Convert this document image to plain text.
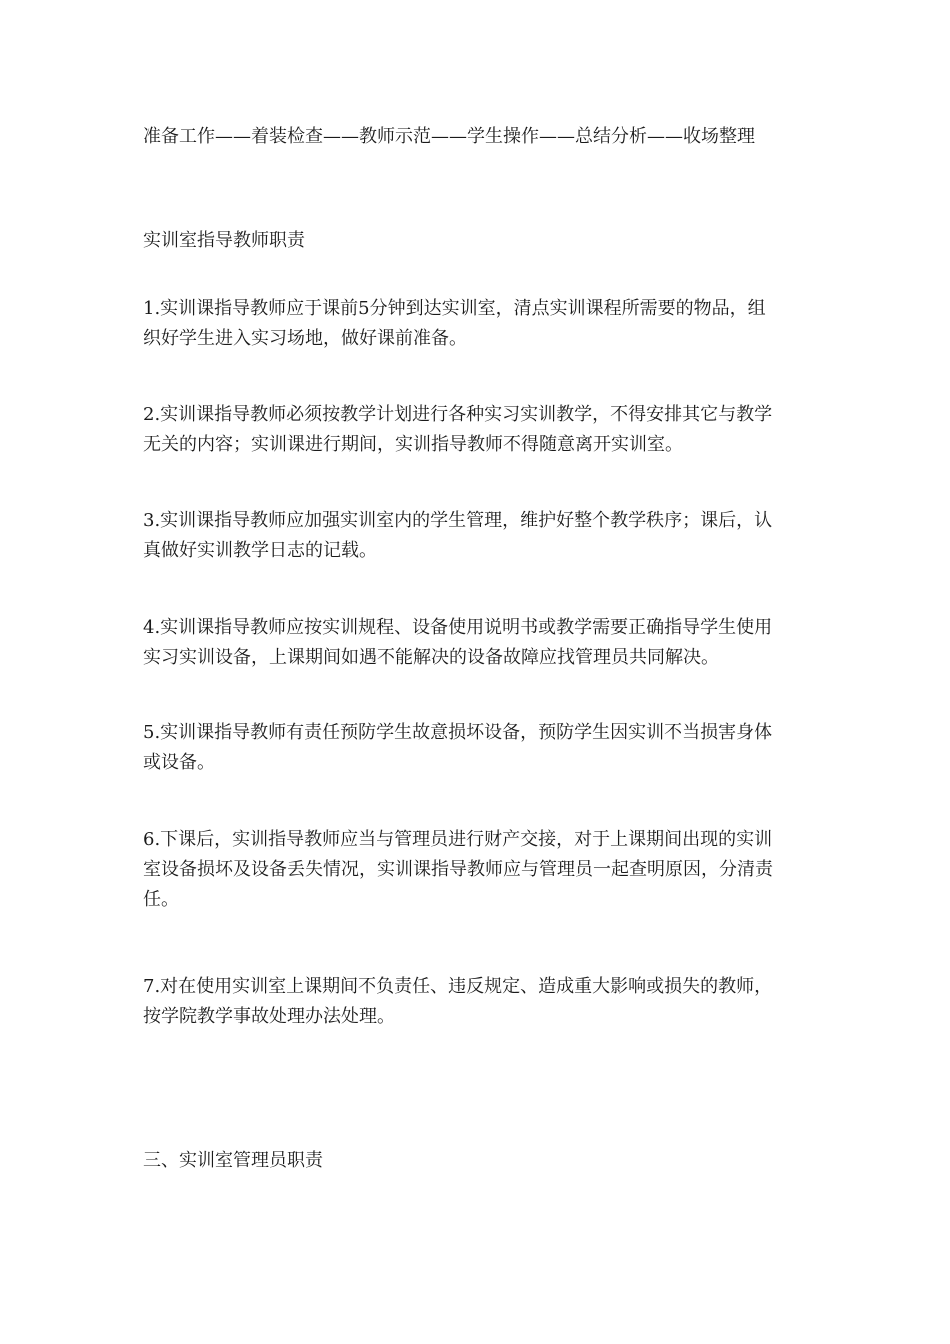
准备工作——着装检查——教师示范——学生操作——总结分析——收场整理

实训室指导教师职责

1.实训课指导教师应于课前5分钟到达实训室，清点实训课程所需要的物品，组
织好学生进入实习场地，做好课前准备。
2.实训课指导教师必须按教学计划进行各种实习实训教学，不得安排其它与教学
无关的内容；实训课进行期间，实训指导教师不得随意离开实训室。
3.实训课指导教师应加强实训室内的学生管理，维护好整个教学秩序；课后，认
真做好实训教学日志的记载。
4.实训课指导教师应按实训规程、设备使用说明书或教学需要正确指导学生使用
实习实训设备，上课期间如遇不能解决的设备故障应找管理员共同解决。
5.实训课指导教师有责任预防学生故意损坏设备，预防学生因实训不当损害身体
或设备。
6.下课后，实训指导教师应当与管理员进行财产交接，对于上课期间出现的实训
室设备损坏及设备丢失情况，实训课指导教师应与管理员一起查明原因，分清责
任。
7.对在使用实训室上课期间不负责任、违反规定、造成重大影响或损失的教师，
按学院教学事故处理办法处理。

三、实训室管理员职责
